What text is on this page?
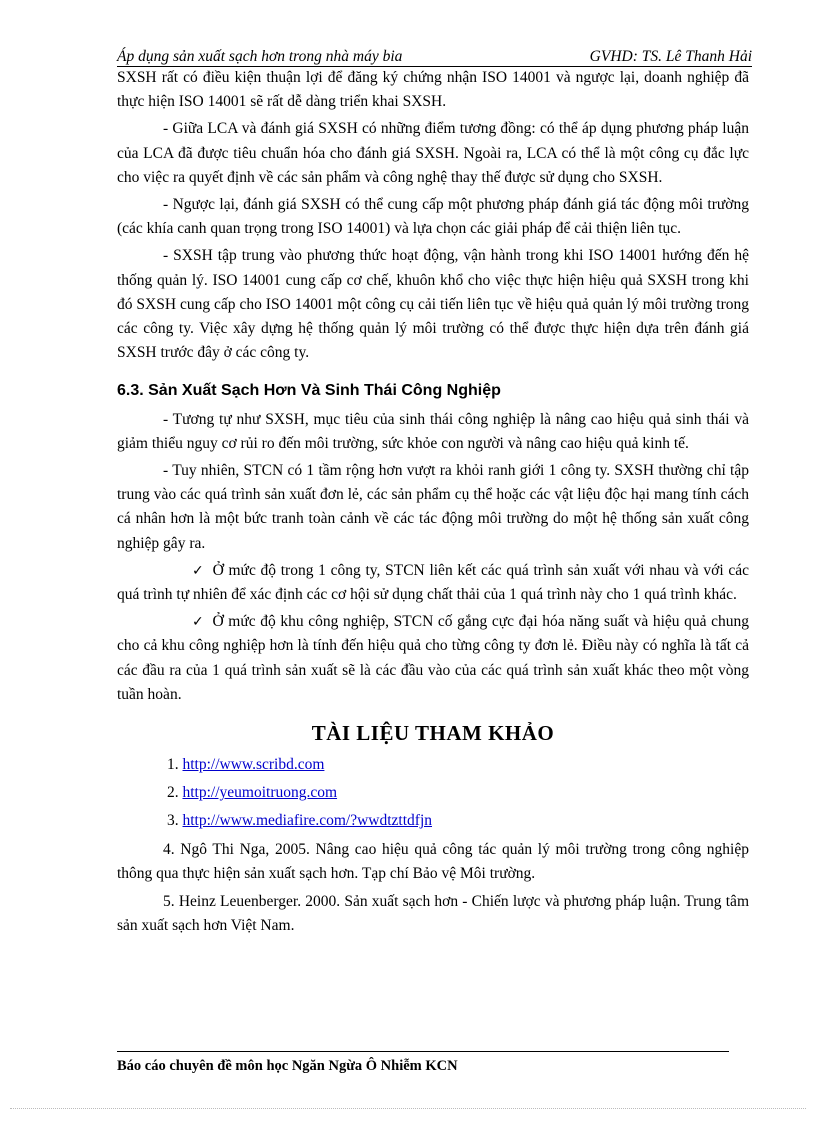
Áp dụng sản xuất sạch hơn trong nhà máy bia	GVHD: TS. Lê Thanh Hải

SXSH rất có điều kiện thuận lợi để đăng ký chứng nhận ISO 14001 và ngược lại, doanh nghiệp đã thực hiện ISO 14001 sẽ rất dễ dàng triển khai SXSH.

- Giữa LCA và đánh giá SXSH có những điểm tương đồng: có thể áp dụng phương pháp luận của LCA đã được tiêu chuẩn hóa cho đánh giá SXSH. Ngoài ra, LCA có thể là một công cụ đắc lực cho việc ra quyết định về các sản phẩm và công nghệ thay thế được sử dụng cho SXSH.

- Ngược lại, đánh giá SXSH có thể cung cấp một phương pháp đánh giá tác động môi trường (các khía canh quan trọng trong ISO 14001) và lựa chọn các giải pháp để cải thiện liên tục.

- SXSH tập trung vào phương thức hoạt động, vận hành trong khi ISO 14001 hướng đến hệ thống quản lý. ISO 14001 cung cấp cơ chế, khuôn khổ cho việc thực hiện hiệu quả SXSH trong khi đó SXSH cung cấp cho ISO 14001 một công cụ cải tiến liên tục về hiệu quả quản lý môi trường trong các công ty. Việc xây dựng hệ thống quản lý môi trường có thể được thực hiện dựa trên đánh giá SXSH trước đây ở các công ty.

6.3. Sản Xuất Sạch Hơn Và Sinh Thái Công Nghiệp

- Tương tự như SXSH, mục tiêu của sinh thái công nghiệp là nâng cao hiệu quả sinh thái và giảm thiểu nguy cơ rủi ro đến môi trường, sức khỏe con người và nâng cao hiệu quả kinh tế.

- Tuy nhiên, STCN có 1 tầm rộng hơn vượt ra khỏi ranh giới 1 công ty. SXSH thường chỉ tập trung vào các quá trình sản xuất đơn lẻ, các sản phẩm cụ thể hoặc các vật liệu độc hại mang tính cách cá nhân hơn là một bức tranh toàn cảnh về các tác động môi trường do một hệ thống sản xuất công nghiệp gây ra.

✓ Ở mức độ trong 1 công ty, STCN liên kết các quá trình sản xuất với nhau và với các quá trình tự nhiên để xác định các cơ hội sử dụng chất thải của 1 quá trình này cho 1 quá trình khác.

✓ Ở mức độ khu công nghiệp, STCN cố gắng cực đại hóa năng suất và hiệu quả chung cho cả khu công nghiệp hơn là tính đến hiệu quả cho từng công ty đơn lẻ. Điều này có nghĩa là tất cả các đầu ra của 1 quá trình sản xuất sẽ là các đầu vào của các quá trình sản xuất khác theo một vòng tuần hoàn.

TÀI LIỆU THAM KHẢO

1. http://www.scribd.com

2. http://yeumoitruong.com

3. http://www.mediafire.com/?wwdtzttdfjn

4. Ngô Thi Nga, 2005. Nâng cao hiệu quả công tác quản lý môi trường trong công nghiệp thông qua thực hiện sản xuất sạch hơn. Tạp chí Bảo vệ Môi trường.

5. Heinz Leuenberger. 2000. Sản xuất sạch hơn - Chiến lược và phương pháp luận. Trung tâm sản xuất sạch hơn Việt Nam.

Báo cáo chuyên đề môn học Ngăn Ngừa Ô Nhiễm KCN
